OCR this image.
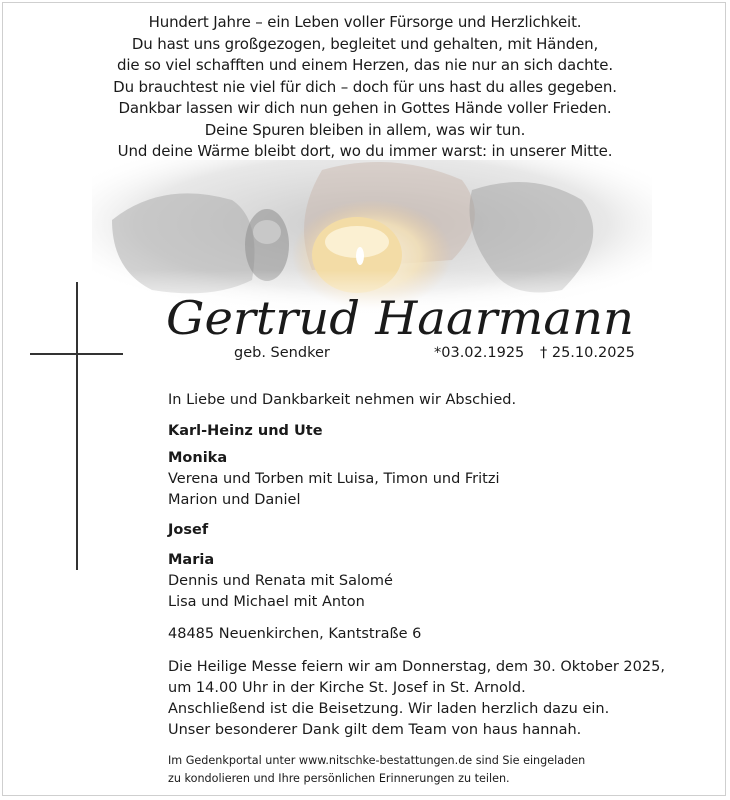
Hundert Jahre – ein Leben voller Fürsorge und Herzlichkeit.
Du hast uns großgezogen, begleitet und gehalten, mit Händen,
die so viel schafften und einem Herzen, das nie nur an sich dachte.
Du brauchtest nie viel für dich – doch für uns hast du alles gegeben.
Dankbar lassen wir dich nun gehen in Gottes Hände voller Frieden.
Deine Spuren bleiben in allem, was wir tun.
Und deine Wärme bleibt dort, wo du immer warst: in unserer Mitte.
Gertrud Haarmann
geb. Sendker	*03.02.1925 † 25.10.2025
In Liebe und Dankbarkeit nehmen wir Abschied.
Karl-Heinz und Ute
Monika
Verena und Torben mit Luisa, Timon und Fritzi
Marion und Daniel
Josef
Maria
Dennis und Renata mit Salomé
Lisa und Michael mit Anton
48485 Neuenkirchen, Kantstraße 6
Die Heilige Messe feiern wir am Donnerstag, dem 30. Oktober 2025,
um 14.00 Uhr in der Kirche St. Josef in St. Arnold.
Anschließend ist die Beisetzung. Wir laden herzlich dazu ein.
Unser besonderer Dank gilt dem Team von haus hannah.
Im Gedenkportal unter www.nitschke-bestattungen.de sind Sie eingeladen
zu kondolieren und Ihre persönlichen Erinnerungen zu teilen.
